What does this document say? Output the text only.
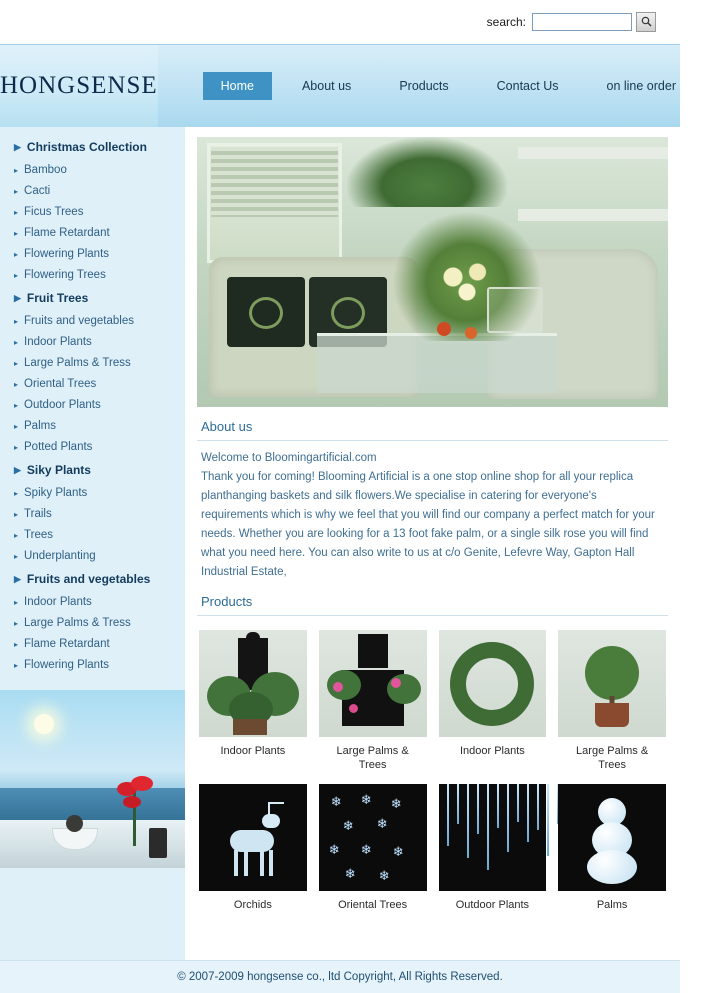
search:
HONGSENSE	Home	About us	Products	Contact Us	on line order
▶ Christmas Collection
▸ Bamboo
▸ Cacti
▸ Ficus Trees
▸ Flame Retardant
▸ Flowering Plants
▸ Flowering Trees
▶ Fruit Trees
▸ Fruits and vegetables
▸ Indoor Plants
▸ Large Palms & Tress
▸ Oriental Trees
▸ Outdoor Plants
▸ Palms
▸ Potted Plants
▶ Siky Plants
▸ Spiky Plants
▸ Trails
▸ Trees
▸ Underplanting
▶ Fruits and vegetables
▸ Indoor Plants
▸ Large Palms & Tress
▸ Flame Retardant
▸ Flowering Plants
About us

Welcome to Bloomingartificial.com

Thank you for coming! Blooming Artificial is a one stop online shop for all your replica planthanging baskets and silk flowers.We specialise in catering for everyone's requirements which is why we feel that you will find our company a perfect match for your needs. Whether you are looking for a 13 foot fake palm, or a single silk rose you will find what you need here. You can also write to us at c/o Genite, Lefevre Way, Gapton Hall Industrial Estate,

Products
Indoor Plants	Large Palms & Trees
Indoor Plants	Large Palms & Trees
Orchids
❄ ❄ ❄
❄ ❄
❄ ❄ ❄
❄ ❄
Oriental Trees	Outdoor Plants	Palms
© 2007-2009 hongsense co., ltd Copyright, All Rights Reserved.
